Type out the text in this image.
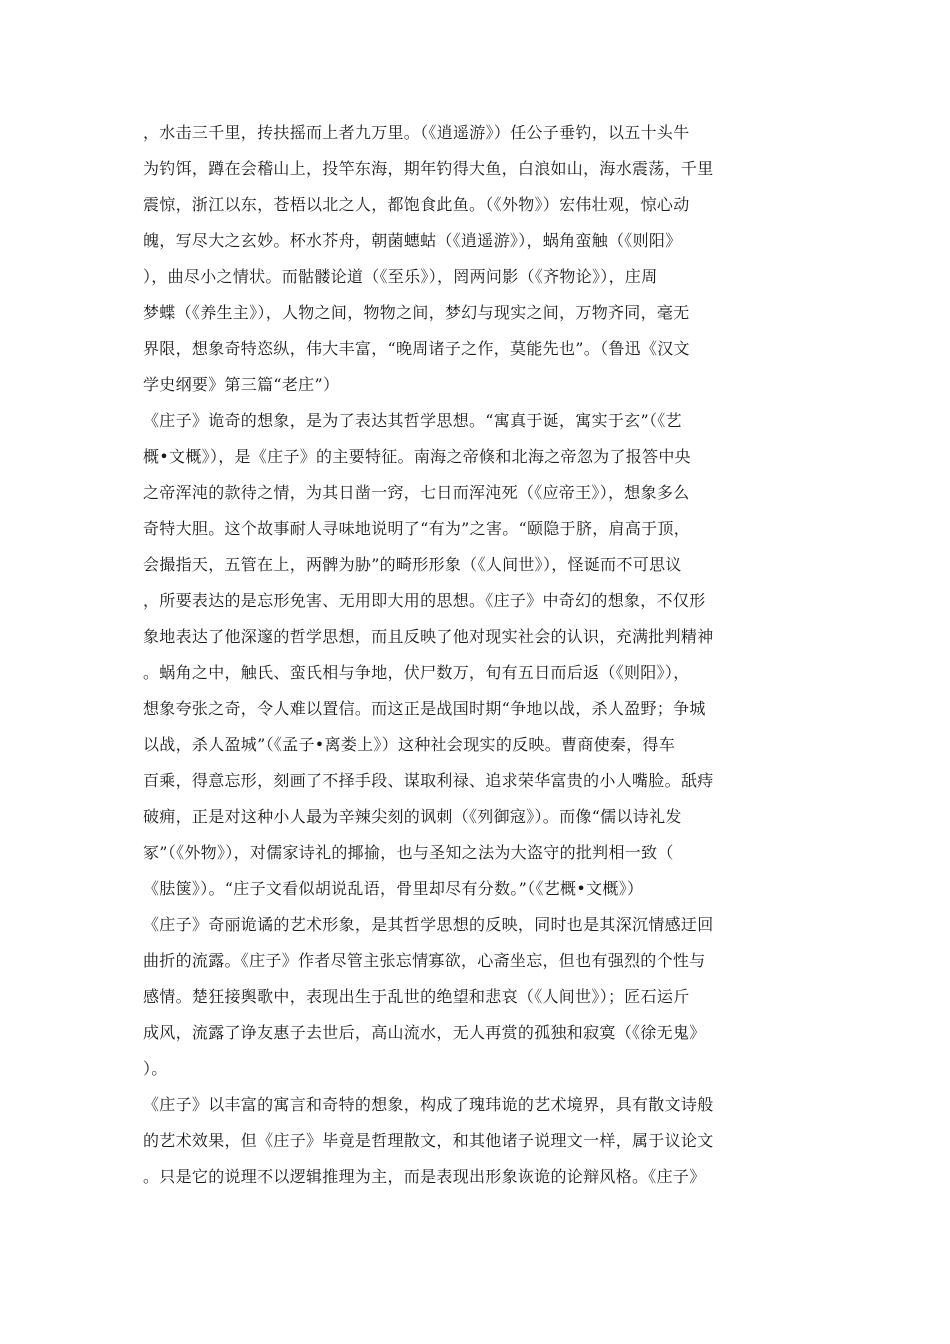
，水击三千里，抟扶摇而上者九万里。（《逍遥游》）任公子垂钓，以五十头牛
为钓饵，蹲在会稽山上，投竿东海，期年钓得大鱼，白浪如山，海水震荡，千里
震惊，浙江以东，苍梧以北之人，都饱食此鱼。（《外物》）宏伟壮观，惊心动
魄，写尽大之玄妙。杯水芥舟，朝菌蟪蛄（《逍遥游》），蜗角蛮触（《则阳》
），曲尽小之情状。而骷髅论道（《至乐》），罔两问影（《齐物论》），庄周
梦蝶（《养生主》），人物之间，物物之间，梦幻与现实之间，万物齐同，毫无
界限，想象奇特恣纵，伟大丰富，“晚周诸子之作，莫能先也”。（鲁迅《汉文
学史纲要》第三篇“老庄”）
《庄子》诡奇的想象，是为了表达其哲学思想。“寓真于诞，寓实于玄”（《艺
概•文概》），是《庄子》的主要特征。南海之帝倏和北海之帝忽为了报答中央
之帝浑沌的款待之情，为其日凿一窍，七日而浑沌死（《应帝王》），想象多么
奇特大胆。这个故事耐人寻味地说明了“有为”之害。“颐隐于脐，肩高于顶，
会撮指天，五管在上，两髀为胁”的畸形形象（《人间世》），怪诞而不可思议
，所要表达的是忘形免害、无用即大用的思想。《庄子》中奇幻的想象，不仅形
象地表达了他深邃的哲学思想，而且反映了他对现实社会的认识，充满批判精神
。蜗角之中，触氏、蛮氏相与争地，伏尸数万，旬有五日而后返（《则阳》），
想象夸张之奇，令人难以置信。而这正是战国时期“争地以战，杀人盈野；争城
以战，杀人盈城”（《孟子•离娄上》）这种社会现实的反映。曹商使秦，得车
百乘，得意忘形，刻画了不择手段、谋取利禄、追求荣华富贵的小人嘴脸。舐痔
破痈，正是对这种小人最为辛辣尖刻的讽刺（《列御寇》）。而像“儒以诗礼发
冢”（《外物》），对儒家诗礼的揶揄，也与圣知之法为大盗守的批判相一致（
《胠箧》）。“庄子文看似胡说乱语，骨里却尽有分数。”（《艺概•文概》）
《庄子》奇丽诡谲的艺术形象，是其哲学思想的反映，同时也是其深沉情感迂回
曲折的流露。《庄子》作者尽管主张忘情寡欲，心斋坐忘，但也有强烈的个性与
感情。楚狂接舆歌中，表现出生于乱世的绝望和悲哀（《人间世》）；匠石运斤
成风，流露了诤友惠子去世后，高山流水，无人再赏的孤独和寂寞（《徐无鬼》
）。
《庄子》以丰富的寓言和奇特的想象，构成了瑰玮诡的艺术境界，具有散文诗般
的艺术效果，但《庄子》毕竟是哲理散文，和其他诸子说理文一样，属于议论文
。只是它的说理不以逻辑推理为主，而是表现出形象诙诡的论辩风格。《庄子》
